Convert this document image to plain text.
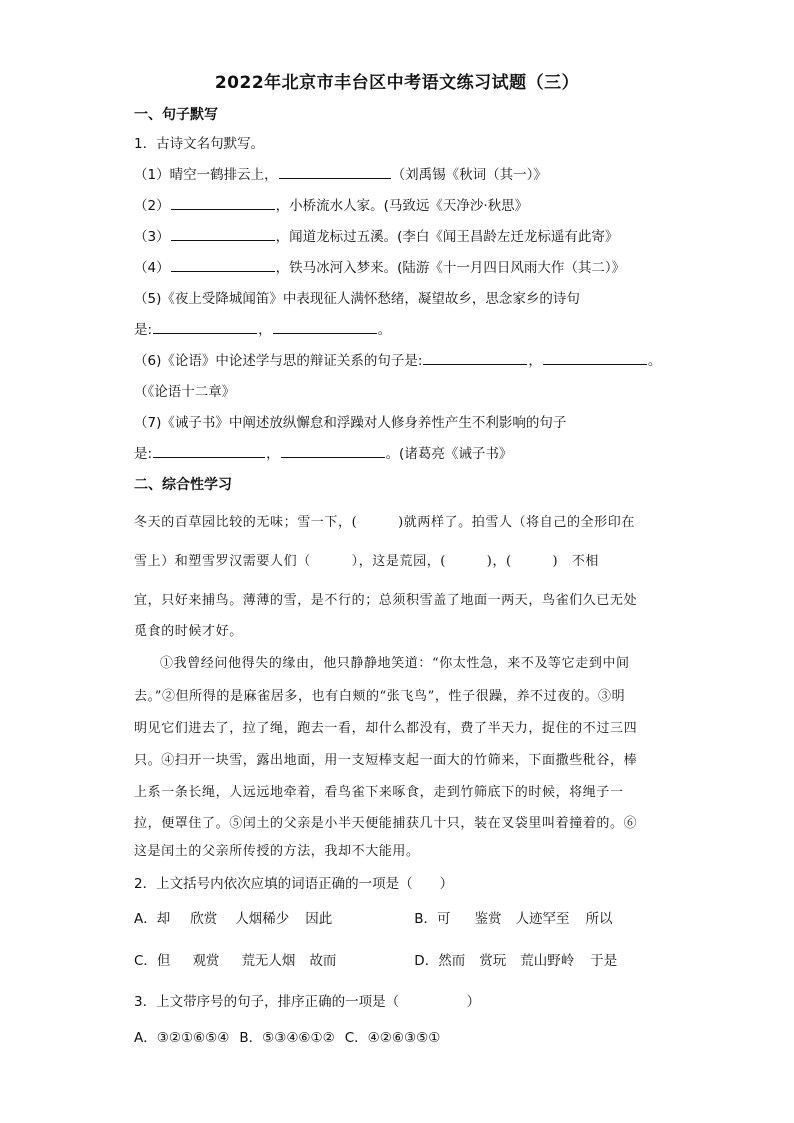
2022年北京市丰台区中考语文练习试题（三）
一、句子默写
1．古诗文名句默写。
（1）晴空一鹤排云上，	（刘禹锡《秋词（其一）》
（2）	，小桥流水人家。(马致远《天净沙·秋思》
（3）	，闻道龙标过五溪。(李白《闻王昌龄左迁龙标遥有此寄》
（4）	，铁马冰河入梦来。(陆游《十一月四日风雨大作（其二）》
（5)《夜上受降城闻笛》中表现征人满怀愁绪，凝望故乡，思念家乡的诗句
是:	，	。
（6)《论语》中论述学与思的辩证关系的句子是:	，	。
（《论语十二章》
（7)《诫子书》中阐述放纵懈怠和浮躁对人修身养性产生不利影响的句子
是:	，	。(诸葛亮《诫子书》
二、综合性学习
冬天的百草园比较的无味；雪一下，(　　　)就两样了。拍雪人（将自己的全形印在
雪上）和塑雪罗汉需要人们（　　　），这是荒园，(　　　)，(　　　)　不相
宜，只好来捕鸟。薄薄的雪，是不行的；总须积雪盖了地面一两天，鸟雀们久已无处
觅食的时候才好。
①我曾经问他得失的缘由，他只静静地笑道：“你太性急，来不及等它走到中间
去。”②但所得的是麻雀居多，也有白颊的“张飞鸟”，性子很躁，养不过夜的。③明
明见它们进去了，拉了绳，跑去一看，却什么都没有，费了半天力，捉住的不过三四
只。④扫开一块雪，露出地面，用一支短棒支起一面大的竹筛来，下面撒些秕谷，棒
上系一条长绳，人远远地牵着，看鸟雀下来啄食，走到竹筛底下的时候，将绳子一
拉，便罩住了。⑤闰土的父亲是小半天便能捕获几十只，装在叉袋里叫着撞着的。⑥
这是闰土的父亲所传授的方法，我却不大能用。
2．上文括号内依次应填的词语正确的一项是（　　）
A．却 欣赏 人烟稀少 因此	B．可 鉴赏 人迹罕至 所以
C．但 观赏 荒无人烟 故而	D．然而 赏玩 荒山野岭 于是
3．上文带序号的句子，排序正确的一项是（　　　　　）
A．③②①⑥⑤④ B．⑤③④⑥①② C．④②⑥③⑤①
